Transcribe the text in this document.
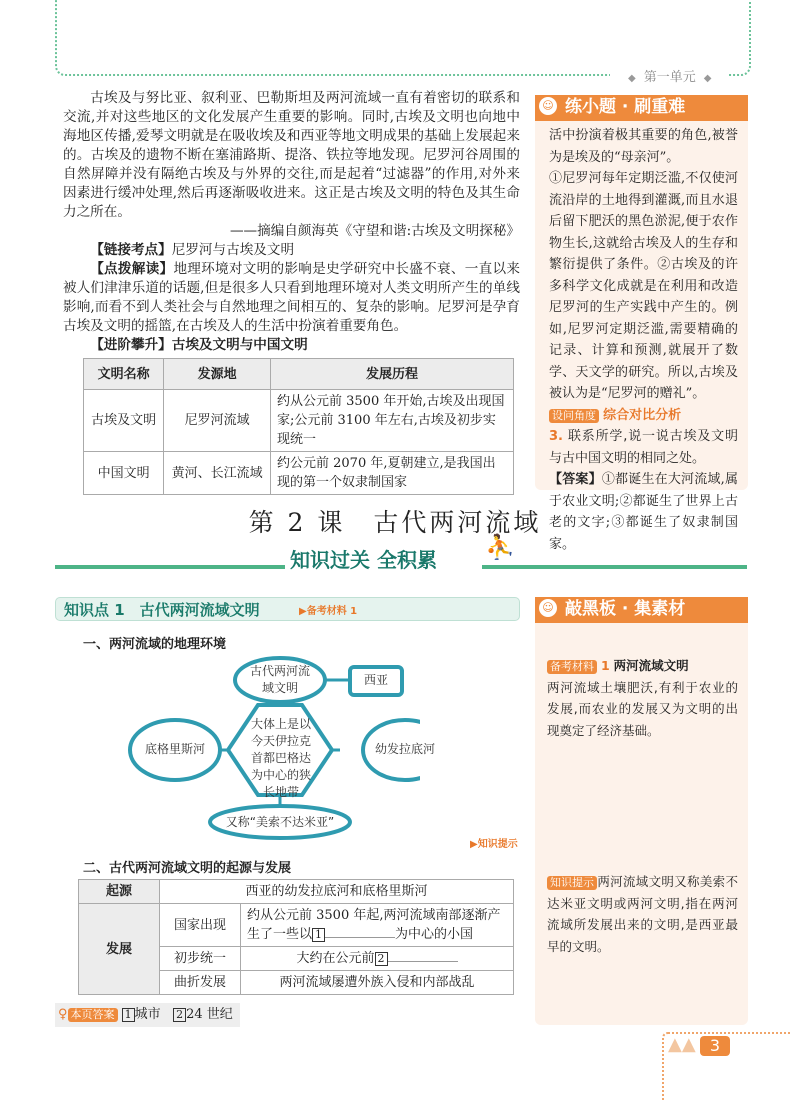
◆ 第一单元 ◆

古埃及与努比亚、叙利亚、巴勒斯坦及两河流域一直有着密切的联系和交流,并对这些地区的文化发展产生重要的影响。同时,古埃及文明也向地中海地区传播,爱琴文明就是在吸收埃及和西亚等地文明成果的基础上发展起来的。古埃及的遗物不断在塞浦路斯、提洛、铁拉等地发现。尼罗河谷周围的自然屏障并没有隔绝古埃及与外界的交往,而是起着“过滤器”的作用,对外来因素进行缓冲处理,然后再逐渐吸收进来。这正是古埃及文明的特色及其生命力之所在。

——摘编自颜海英《守望和谐:古埃及文明探秘》

【链接考点】尼罗河与古埃及文明

【点拨解读】地理环境对文明的影响是史学研究中长盛不衰、一直以来被人们津津乐道的话题,但是很多人只看到地理环境对人类文明所产生的单线影响,而看不到人类社会与自然地理之间相互的、复杂的影响。尼罗河是孕育古埃及文明的摇篮,在古埃及人的生活中扮演着重要角色。

【进阶攀升】古埃及文明与中国文明

文明名称	发源地	发展历程
古埃及文明	尼罗河流域	约从公元前 3500 年开始,古埃及出现国家;公元前 3100 年左右,古埃及初步实现统一
中国文明	黄河、长江流域	约公元前 2070 年,夏朝建立,是我国出现的第一个奴隶制国家
☺ 练小题 · 刷重难
活中扮演着极其重要的角色,被誉为是埃及的“母亲河”。
①尼罗河每年定期泛滥,不仅使河流沿岸的土地得到灌溉,而且水退后留下肥沃的黑色淤泥,便于农作物生长,这就给古埃及人的生存和繁衍提供了条件。②古埃及的许多科学文化成就是在利用和改造尼罗河的生产实践中产生的。例如,尼罗河定期泛滥,需要精确的记录、计算和预测,就展开了数学、天文学的研究。所以,古埃及被认为是“尼罗河的赠礼”。
设问角度 综合对比分析
3. 联系所学,说一说古埃及文明与古中国文明的相同之处。
【答案】①都诞生在大河流域,属于农业文明;②都诞生了世界上古老的文字;③都诞生了奴隶制国家。
第 2 课　古代两河流域
知识过关 全积累 ⛹
知识点 1　古代两河流域文明	▶备考材料 1
一、两河流域的地理环境
古代两河流域文明
西亚
大体上是以今天伊拉克首都巴格达为中心的狭长地带
底格里斯河	幼发拉底河
又称“美索不达米亚”
▶知识提示
二、古代两河流域文明的起源与发展
起源	西亚的幼发拉底河和底格里斯河	
发展	国家出现	约从公元前 3500 年起,两河流域南部逐渐产生了一些以 1 为中心的小国
	初步统一	大约在公元前 2
	曲折发展	两河流域屡遭外族入侵和内部战乱
♀ 本页答案 1 城市 2 24 世纪
☺ 敲黑板 · 集素材
备考材料 1 两河流域文明
两河流域土壤肥沃,有利于农业的发展,而农业的发展又为文明的出现奠定了经济基础。
知识提示 两河流域文明又称美索不达米亚文明或两河文明,指在两河流域所发展出来的文明,是西亚最早的文明。
▲▲ 3
